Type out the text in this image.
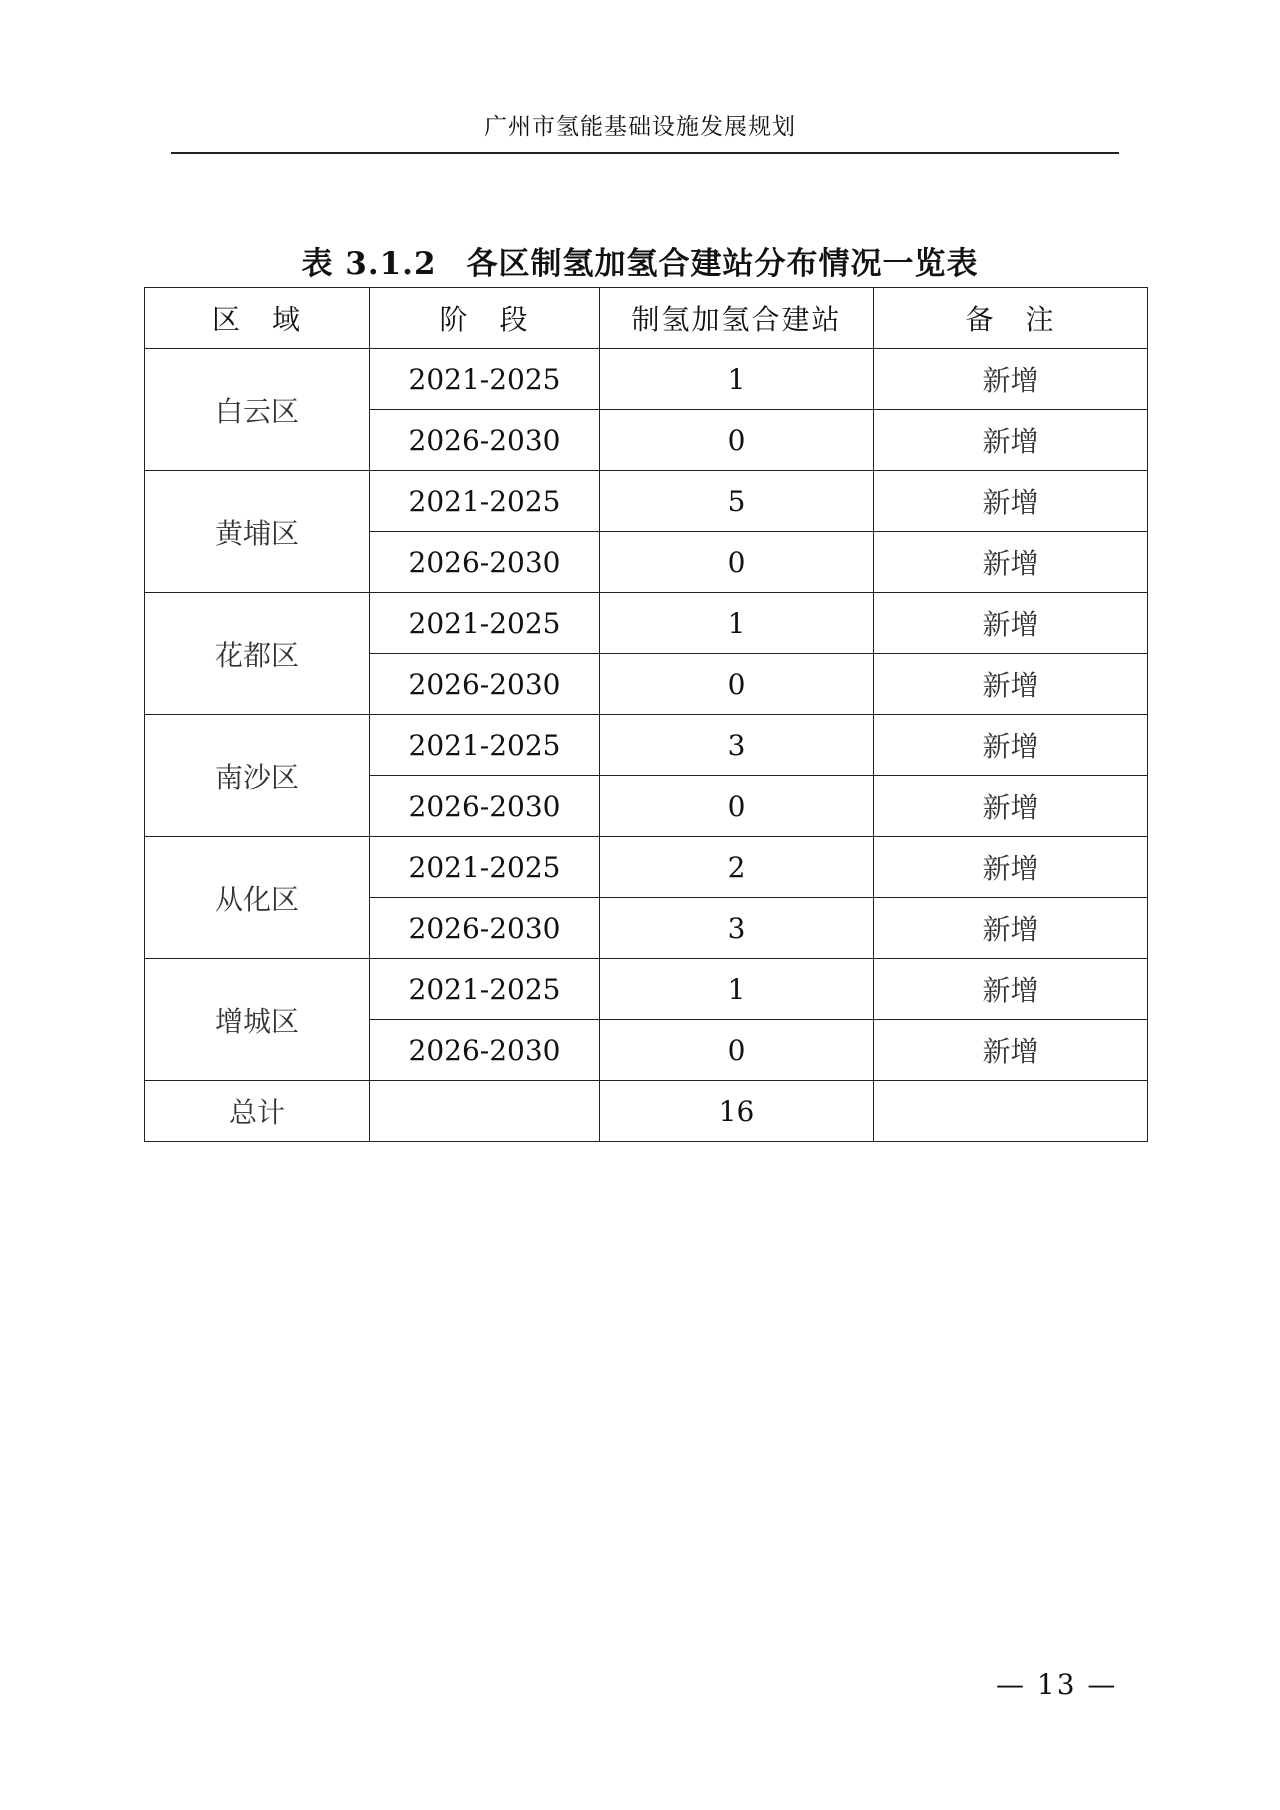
广州市氢能基础设施发展规划
表 3.1.2 各区制氢加氢合建站分布情况一览表
区　域	阶　段	制氢加氢合建站	备　注
白云区	2021-2025	1	新增
	2026-2030	0	新增
黄埔区	2021-2025	5	新增
	2026-2030	0	新增
花都区	2021-2025	1	新增
	2026-2030	0	新增
南沙区	2021-2025	3	新增
	2026-2030	0	新增
从化区	2021-2025	2	新增
	2026-2030	3	新增
增城区	2021-2025	1	新增
	2026-2030	0	新增
总计		16	
— 13 —
